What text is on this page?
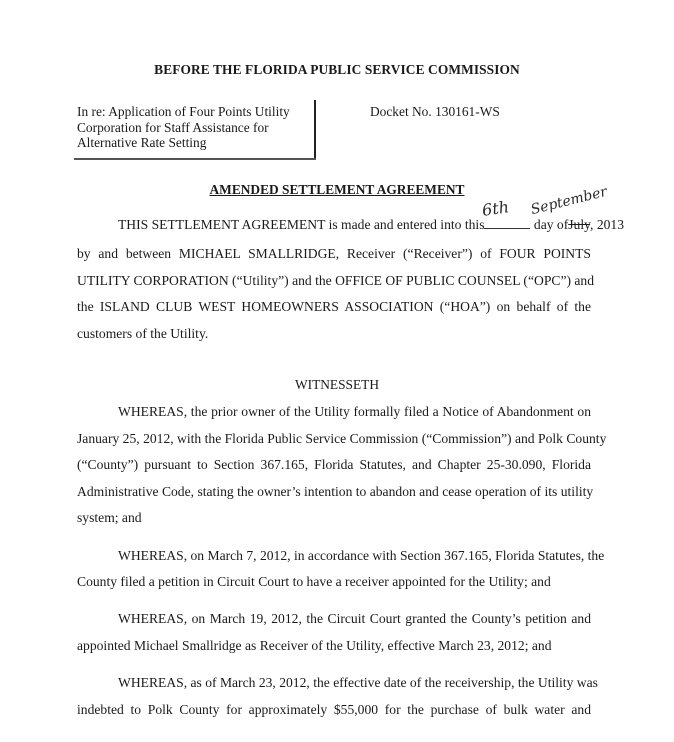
BEFORE THE FLORIDA PUBLIC SERVICE COMMISSION
In re: Application of Four Points Utility
Corporation for Staff Assistance for
Alternative Rate Setting
Docket No. 130161-WS
AMENDED SETTLEMENT AGREEMENT
THIS SETTLEMENT AGREEMENT is made and entered into this	day ofJuly, 2013
6th September
by and between MICHAEL SMALLRIDGE, Receiver (“Receiver”) of FOUR POINTS
UTILITY CORPORATION (“Utility”) and the OFFICE OF PUBLIC COUNSEL (“OPC”) and
the ISLAND CLUB WEST HOMEOWNERS ASSOCIATION (“HOA”) on behalf of the
customers of the Utility.
WITNESSETH
WHEREAS, the prior owner of the Utility formally filed a Notice of Abandonment on
January 25, 2012, with the Florida Public Service Commission (“Commission”) and Polk County
(“County”) pursuant to Section 367.165, Florida Statutes, and Chapter 25-30.090, Florida
Administrative Code, stating the owner’s intention to abandon and cease operation of its utility
system; and
WHEREAS, on March 7, 2012, in accordance with Section 367.165, Florida Statutes, the
County filed a petition in Circuit Court to have a receiver appointed for the Utility; and
WHEREAS, on March 19, 2012, the Circuit Court granted the County’s petition and
appointed Michael Smallridge as Receiver of the Utility, effective March 23, 2012; and
WHEREAS, as of March 23, 2012, the effective date of the receivership, the Utility was
indebted to Polk County for approximately $55,000 for the purchase of bulk water and
